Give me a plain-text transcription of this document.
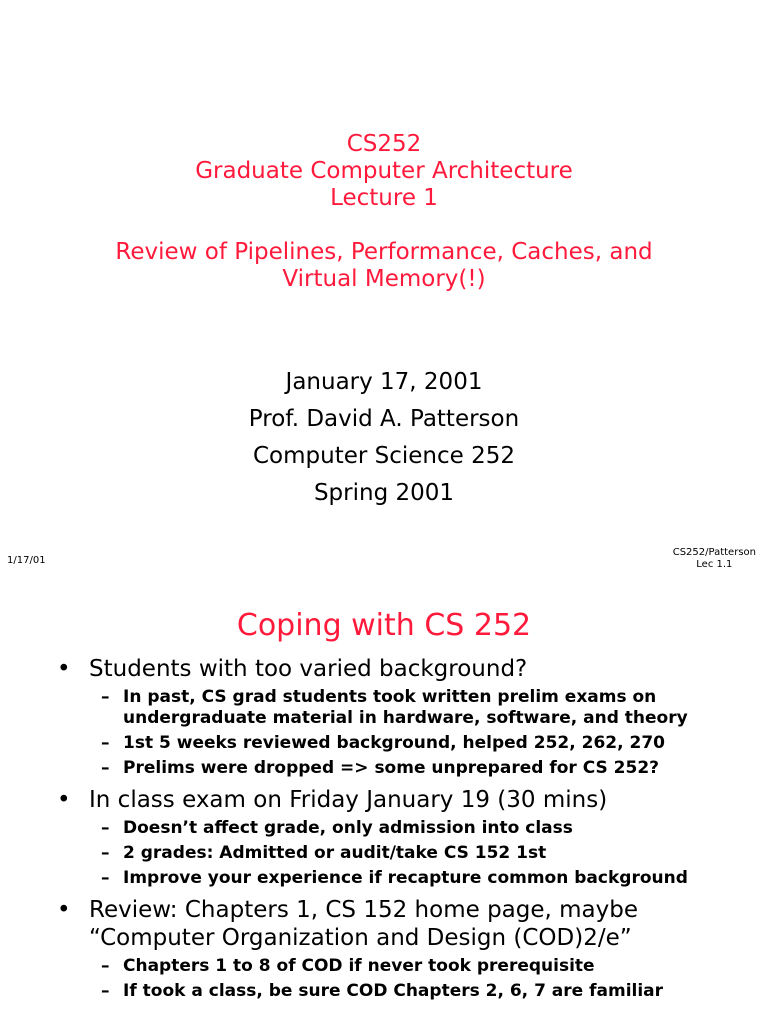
CS252
Graduate Computer Architecture
Lecture 1
Review of Pipelines, Performance, Caches, and
Virtual Memory(!)
January 17, 2001
Prof. David A. Patterson
Computer Science 252
Spring 2001
1/17/01
CS252/Patterson
Lec 1.1
Coping with CS 252
• Students with too varied background?
– In past, CS grad students took written prelim exams on undergraduate material in hardware, software, and theory
– 1st 5 weeks reviewed background, helped 252, 262, 270
– Prelims were dropped => some unprepared for CS 252?
• In class exam on Friday January 19 (30 mins)
– Doesn’t affect grade, only admission into class
– 2 grades: Admitted or audit/take CS 152 1st
– Improve your experience if recapture common background
• Review: Chapters 1, CS 152 home page, maybe “Computer Organization and Design (COD)2/e”
– Chapters 1 to 8 of COD if never took prerequisite
– If took a class, be sure COD Chapters 2, 6, 7 are familiar
